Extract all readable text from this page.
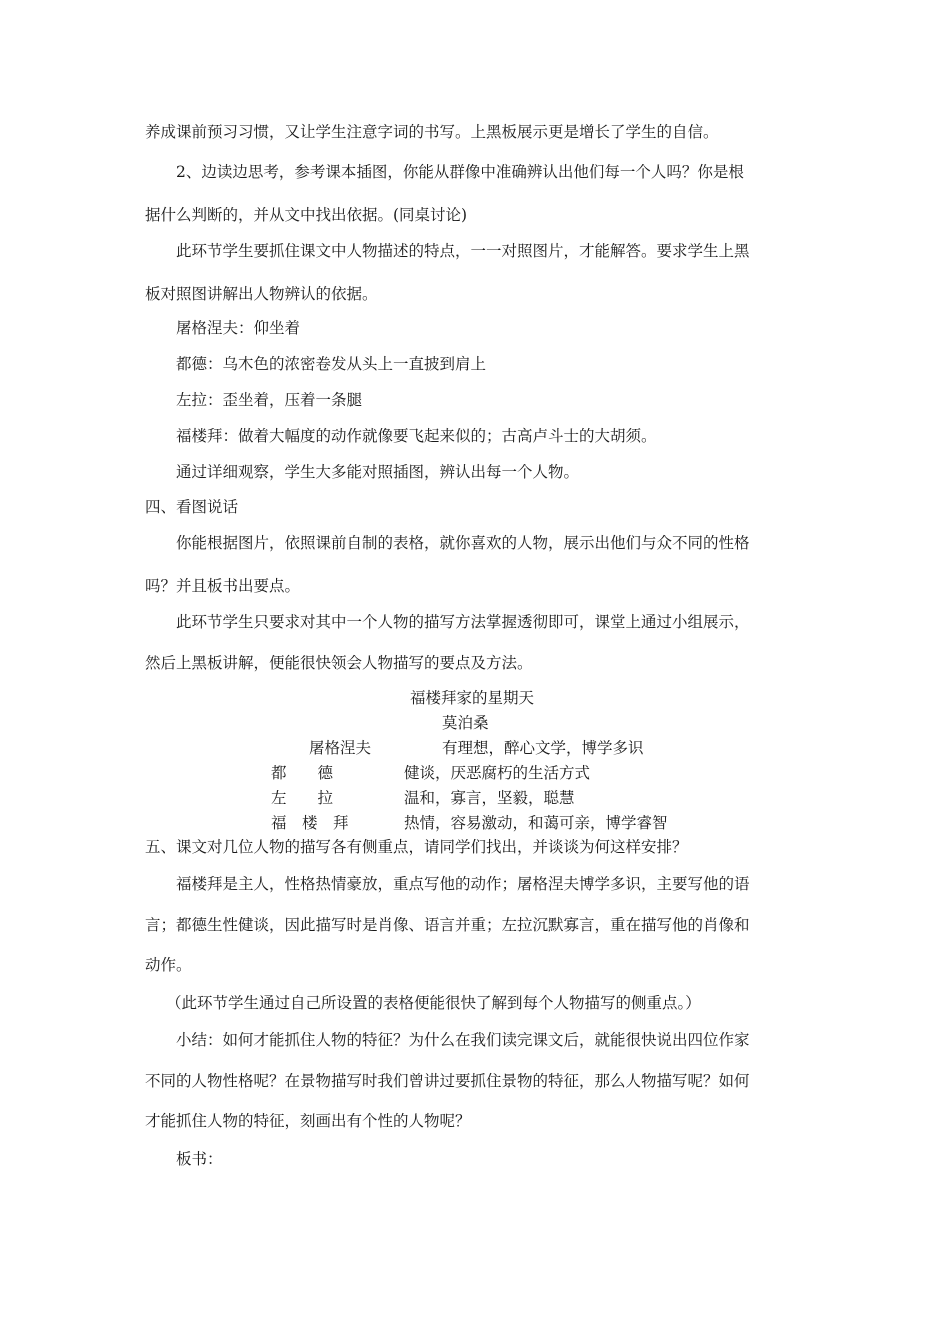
养成课前预习习惯，又让学生注意字词的书写。上黑板展示更是增长了学生的自信。
2、边读边思考，参考课本插图，你能从群像中准确辨认出他们每一个人吗？你是根
据什么判断的，并从文中找出依据。(同桌讨论)
此环节学生要抓住课文中人物描述的特点，一一对照图片，才能解答。要求学生上黑
板对照图讲解出人物辨认的依据。
屠格涅夫：仰坐着
都德：乌木色的浓密卷发从头上一直披到肩上
左拉：歪坐着，压着一条腿
福楼拜：做着大幅度的动作就像要飞起来似的；古高卢斗士的大胡须。
通过详细观察，学生大多能对照插图，辨认出每一个人物。
四、看图说话
你能根据图片，依照课前自制的表格，就你喜欢的人物，展示出他们与众不同的性格
吗？并且板书出要点。
此环节学生只要求对其中一个人物的描写方法掌握透彻即可，课堂上通过小组展示，
然后上黑板讲解，便能很快领会人物描写的要点及方法。
福楼拜家的星期天
莫泊桑
屠格涅夫	有理想，醉心文学，博学多识
都　　德	健谈，厌恶腐朽的生活方式
左　　拉	温和，寡言，坚毅，聪慧
福　楼　拜	热情，容易激动，和蔼可亲，博学睿智
五、课文对几位人物的描写各有侧重点，请同学们找出，并谈谈为何这样安排？
福楼拜是主人，性格热情豪放，重点写他的动作；屠格涅夫博学多识，主要写他的语
言；都德生性健谈，因此描写时是肖像、语言并重；左拉沉默寡言，重在描写他的肖像和
动作。
（此环节学生通过自己所设置的表格便能很快了解到每个人物描写的侧重点。）
小结：如何才能抓住人物的特征？为什么在我们读完课文后，就能很快说出四位作家
不同的人物性格呢？在景物描写时我们曾讲过要抓住景物的特征，那么人物描写呢？如何
才能抓住人物的特征，刻画出有个性的人物呢？
板书：
